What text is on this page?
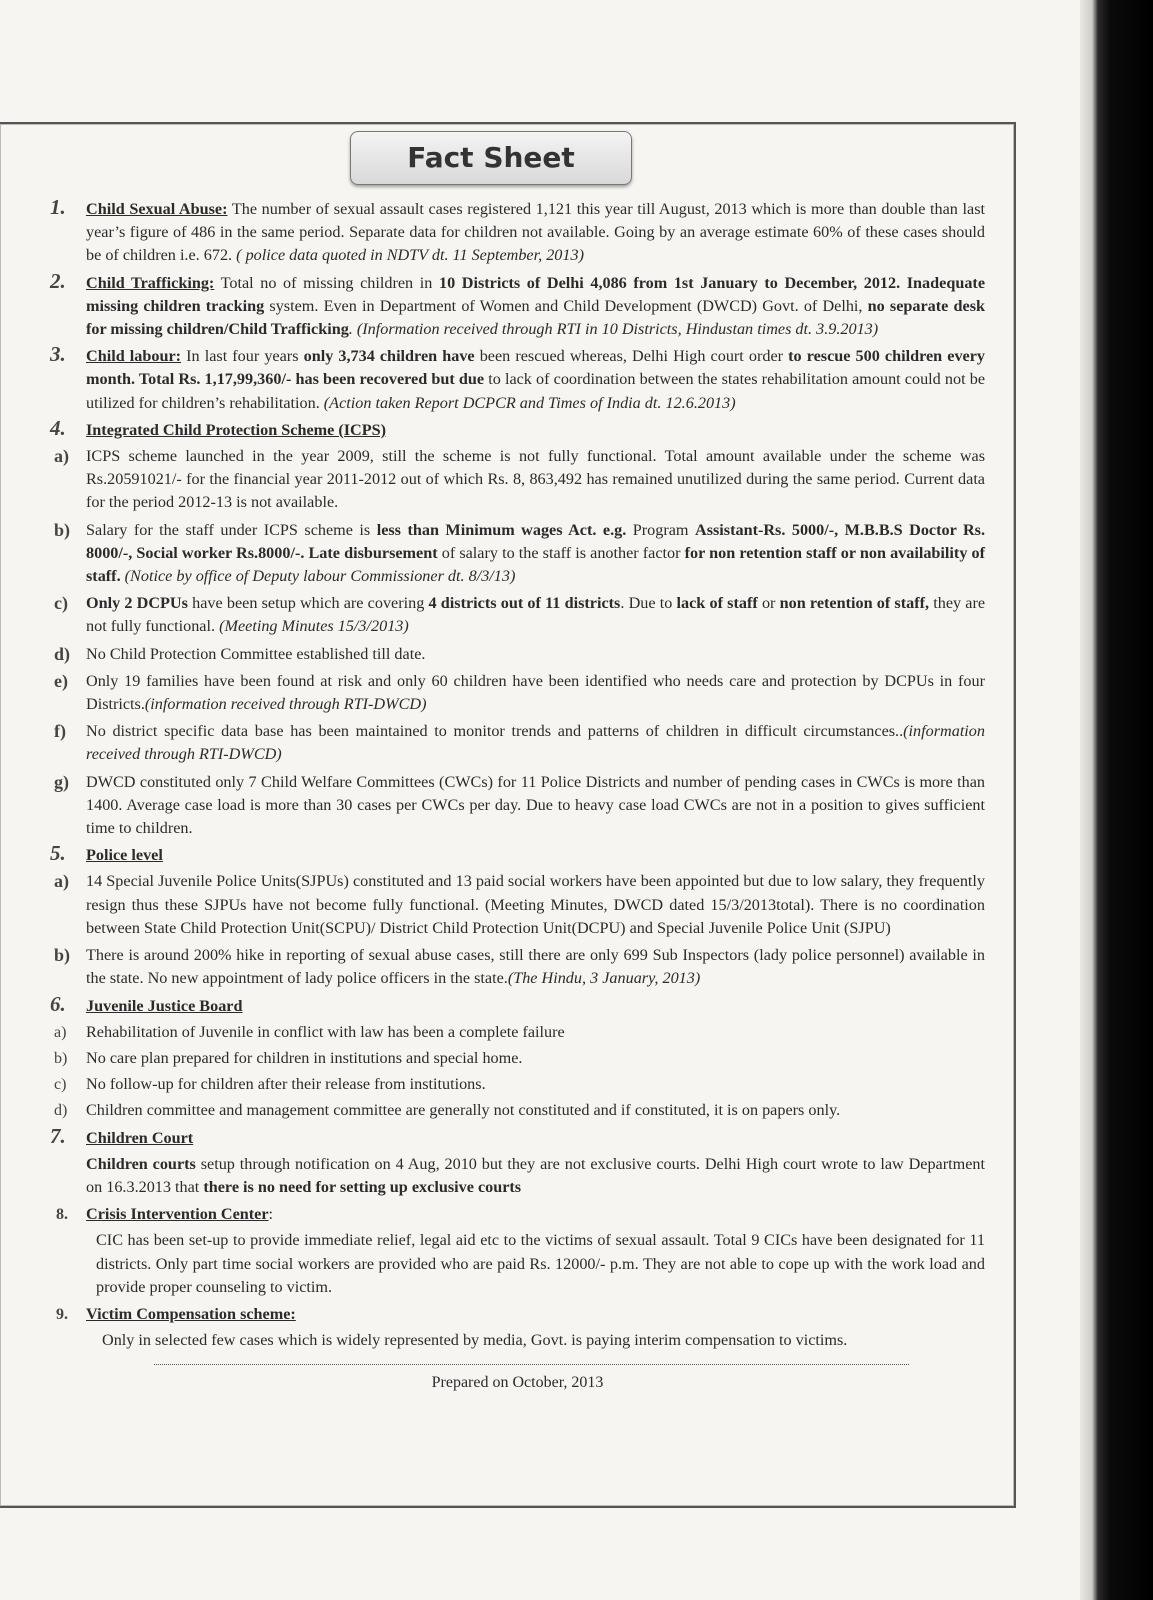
Fact Sheet
1. Child Sexual Abuse: The number of sexual assault cases registered 1,121 this year till August, 2013 which is more than double than last year’s figure of 486 in the same period. Separate data for children not available. Going by an average estimate 60% of these cases should be of children i.e. 672. ( police data quoted in NDTV dt. 11 September, 2013)
2. Child Trafficking: Total no of missing children in 10 Districts of Delhi 4,086 from 1st January to December, 2012. Inadequate missing children tracking system. Even in Department of Women and Child Development (DWCD) Govt. of Delhi, no separate desk for missing children/Child Trafficking. (Information received through RTI in 10 Districts, Hindustan times dt. 3.9.2013)
3. Child labour: In last four years only 3,734 children have been rescued whereas, Delhi High court order to rescue 500 children every month. Total Rs. 1,17,99,360/- has been recovered but due to lack of coordination between the states rehabilitation amount could not be utilized for children’s rehabilitation. (Action taken Report DCPCR and Times of India dt. 12.6.2013)
4. Integrated Child Protection Scheme (ICPS)
a) ICPS scheme launched in the year 2009, still the scheme is not fully functional. Total amount available under the scheme was Rs.20591021/- for the financial year 2011-2012 out of which Rs. 8, 863,492 has remained unutilized during the same period. Current data for the period 2012-13 is not available.
b) Salary for the staff under ICPS scheme is less than Minimum wages Act. e.g. Program Assistant-Rs. 5000/-, M.B.B.S Doctor Rs. 8000/-, Social worker Rs.8000/-. Late disbursement of salary to the staff is another factor for non retention staff or non availability of staff. (Notice by office of Deputy labour Commissioner dt. 8/3/13)
c) Only 2 DCPUs have been setup which are covering 4 districts out of 11 districts. Due to lack of staff or non retention of staff, they are not fully functional. (Meeting Minutes 15/3/2013)
d) No Child Protection Committee established till date.
e) Only 19 families have been found at risk and only 60 children have been identified who needs care and protection by DCPUs in four Districts.(information received through RTI-DWCD)
f) No district specific data base has been maintained to monitor trends and patterns of children in difficult circumstances..(information received through RTI-DWCD)
g) DWCD constituted only 7 Child Welfare Committees (CWCs) for 11 Police Districts and number of pending cases in CWCs is more than 1400. Average case load is more than 30 cases per CWCs per day. Due to heavy case load CWCs are not in a position to gives sufficient time to children.
5. Police level
a) 14 Special Juvenile Police Units(SJPUs) constituted and 13 paid social workers have been appointed but due to low salary, they frequently resign thus these SJPUs have not become fully functional. (Meeting Minutes, DWCD dated 15/3/2013total). There is no coordination between State Child Protection Unit(SCPU)/ District Child Protection Unit(DCPU) and Special Juvenile Police Unit (SJPU)
b) There is around 200% hike in reporting of sexual abuse cases, still there are only 699 Sub Inspectors (lady police personnel) available in the state. No new appointment of lady police officers in the state.(The Hindu, 3 January, 2013)
6. Juvenile Justice Board
a) Rehabilitation of Juvenile in conflict with law has been a complete failure
b) No care plan prepared for children in institutions and special home.
c) No follow-up for children after their release from institutions.
d) Children committee and management committee are generally not constituted and if constituted, it is on papers only.
7. Children Court
Children courts setup through notification on 4 Aug, 2010 but they are not exclusive courts. Delhi High court wrote to law Department on 16.3.2013 that there is no need for setting up exclusive courts
8. Crisis Intervention Center:
CIC has been set-up to provide immediate relief, legal aid etc to the victims of sexual assault. Total 9 CICs have been designated for 11 districts. Only part time social workers are provided who are paid Rs. 12000/- p.m. They are not able to cope up with the work load and provide proper counseling to victim.
9. Victim Compensation scheme:
Only in selected few cases which is widely represented by media, Govt. is paying interim compensation to victims.
Prepared on October, 2013
